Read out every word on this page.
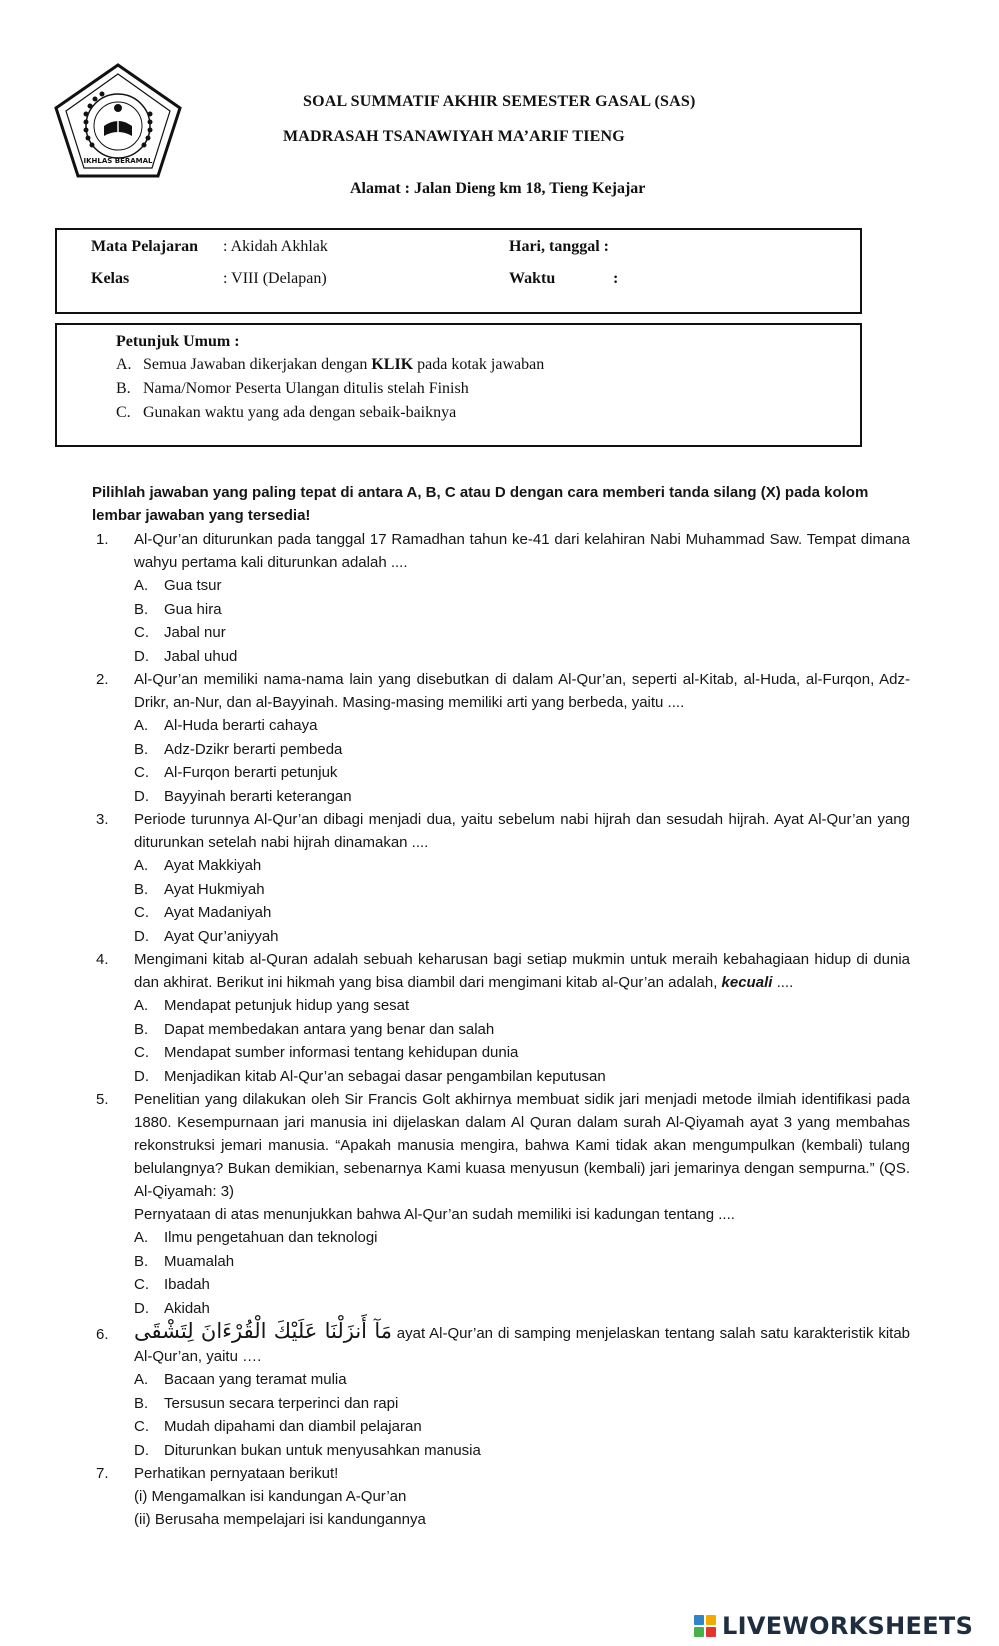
IKHLAS BERAMAL
SOAL SUMMATIF AKHIR SEMESTER GASAL (SAS)
MADRASAH TSANAWIYAH MA’ARIF TIENG
Alamat : Jalan Dieng km 18, Tieng Kejajar
Mata Pelajaran : Akidah Akhlak
Kelas	: VIII (Delapan)
Hari, tanggal :
Waktu	:
Petunjuk Umum :
A. Semua Jawaban dikerjakan dengan KLIK pada kotak jawaban
B. Nama/Nomor Peserta Ulangan ditulis stelah Finish
C. Gunakan waktu yang ada dengan sebaik-baiknya
Pilihlah jawaban yang paling tepat di antara A, B, C atau D dengan cara memberi tanda silang (X) pada kolom lembar jawaban yang tersedia!
1.	Al-Qur’an diturunkan pada tanggal 17 Ramadhan tahun ke-41 dari kelahiran Nabi Muhammad Saw. Tempat dimana wahyu pertama kali diturunkan adalah ....
A. Gua tsur
B. Gua hira
C. Jabal nur
D. Jabal uhud
2.	Al-Qur’an memiliki nama-nama lain yang disebutkan di dalam Al-Qur’an, seperti al-Kitab, al-Huda, al-Furqon, Adz-Drikr, an-Nur, dan al-Bayyinah. Masing-masing memiliki arti yang berbeda, yaitu ....
A. Al-Huda berarti cahaya
B. Adz-Dzikr berarti pembeda
C. Al-Furqon berarti petunjuk
D. Bayyinah berarti keterangan
3.	Periode turunnya Al-Qur’an dibagi menjadi dua, yaitu sebelum nabi hijrah dan sesudah hijrah. Ayat Al-Qur’an yang diturunkan setelah nabi hijrah dinamakan ....
A. Ayat Makkiyah
B. Ayat Hukmiyah
C. Ayat Madaniyah
D. Ayat Qur’aniyyah
4.	Mengimani kitab al-Quran adalah sebuah keharusan bagi setiap mukmin untuk meraih kebahagiaan hidup di dunia dan akhirat. Berikut ini hikmah yang bisa diambil dari mengimani kitab al-Qur’an adalah, kecuali ....
A. Mendapat petunjuk hidup yang sesat
B. Dapat membedakan antara yang benar dan salah
C. Mendapat sumber informasi tentang kehidupan dunia
D. Menjadikan kitab Al-Qur’an sebagai dasar pengambilan keputusan
5.	Penelitian yang dilakukan oleh Sir Francis Golt akhirnya membuat sidik jari menjadi metode ilmiah identifikasi pada 1880. Kesempurnaan jari manusia ini dijelaskan dalam Al Quran dalam surah Al-Qiyamah ayat 3 yang membahas rekonstruksi jemari manusia. “Apakah manusia mengira, bahwa Kami tidak akan mengumpulkan (kembali) tulang belulangnya? Bukan demikian, sebenarnya Kami kuasa menyusun (kembali) jari jemarinya dengan sempurna.” (QS. Al-Qiyamah: 3)
Pernyataan di atas menunjukkan bahwa Al-Qur’an sudah memiliki isi kadungan tentang ....
A. Ilmu pengetahuan dan teknologi
B. Muamalah
C. Ibadah
D. Akidah
6.	مَآ أَنزَلْنَا عَلَيْكَ الْقُرْءَانَ لِتَشْقَى ayat Al-Qur’an di samping menjelaskan tentang salah satu karakteristik kitab Al-Qur’an, yaitu ….
A. Bacaan yang teramat mulia
B. Tersusun secara terperinci dan rapi
C. Mudah dipahami dan diambil pelajaran
D. Diturunkan bukan untuk menyusahkan manusia
7.	Perhatikan pernyataan berikut!
(i) Mengamalkan isi kandungan A-Qur’an
(ii) Berusaha mempelajari isi kandungannya
LIVEWORKSHEETS
